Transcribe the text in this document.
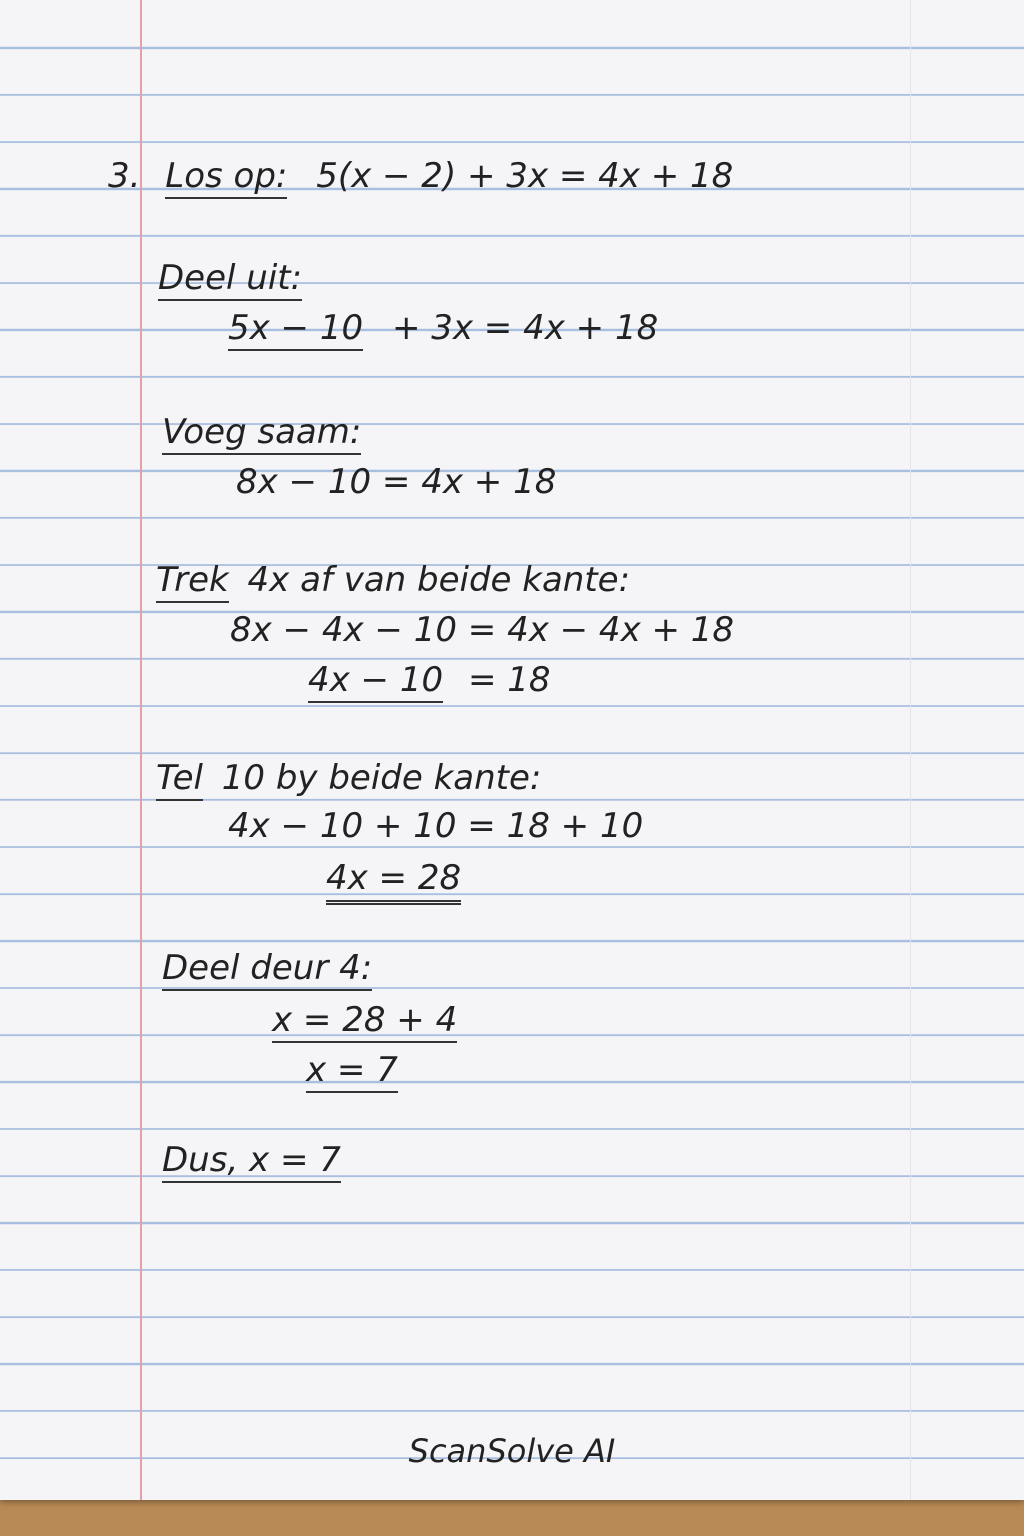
3. Los op: 5(x − 2) + 3x = 4x + 18
Deel uit:
5x − 10 + 3x = 4x + 18
Voeg saam:
8x − 10 = 4x + 18
Trek 4x af van beide kante:
8x − 4x − 10 = 4x − 4x + 18
4x − 10 = 18
Tel 10 by beide kante:
4x − 10 + 10 = 18 + 10
4x = 28
Deel deur 4:
x = 28 + 4
x = 7
Dus, x = 7
ScanSolve AI
